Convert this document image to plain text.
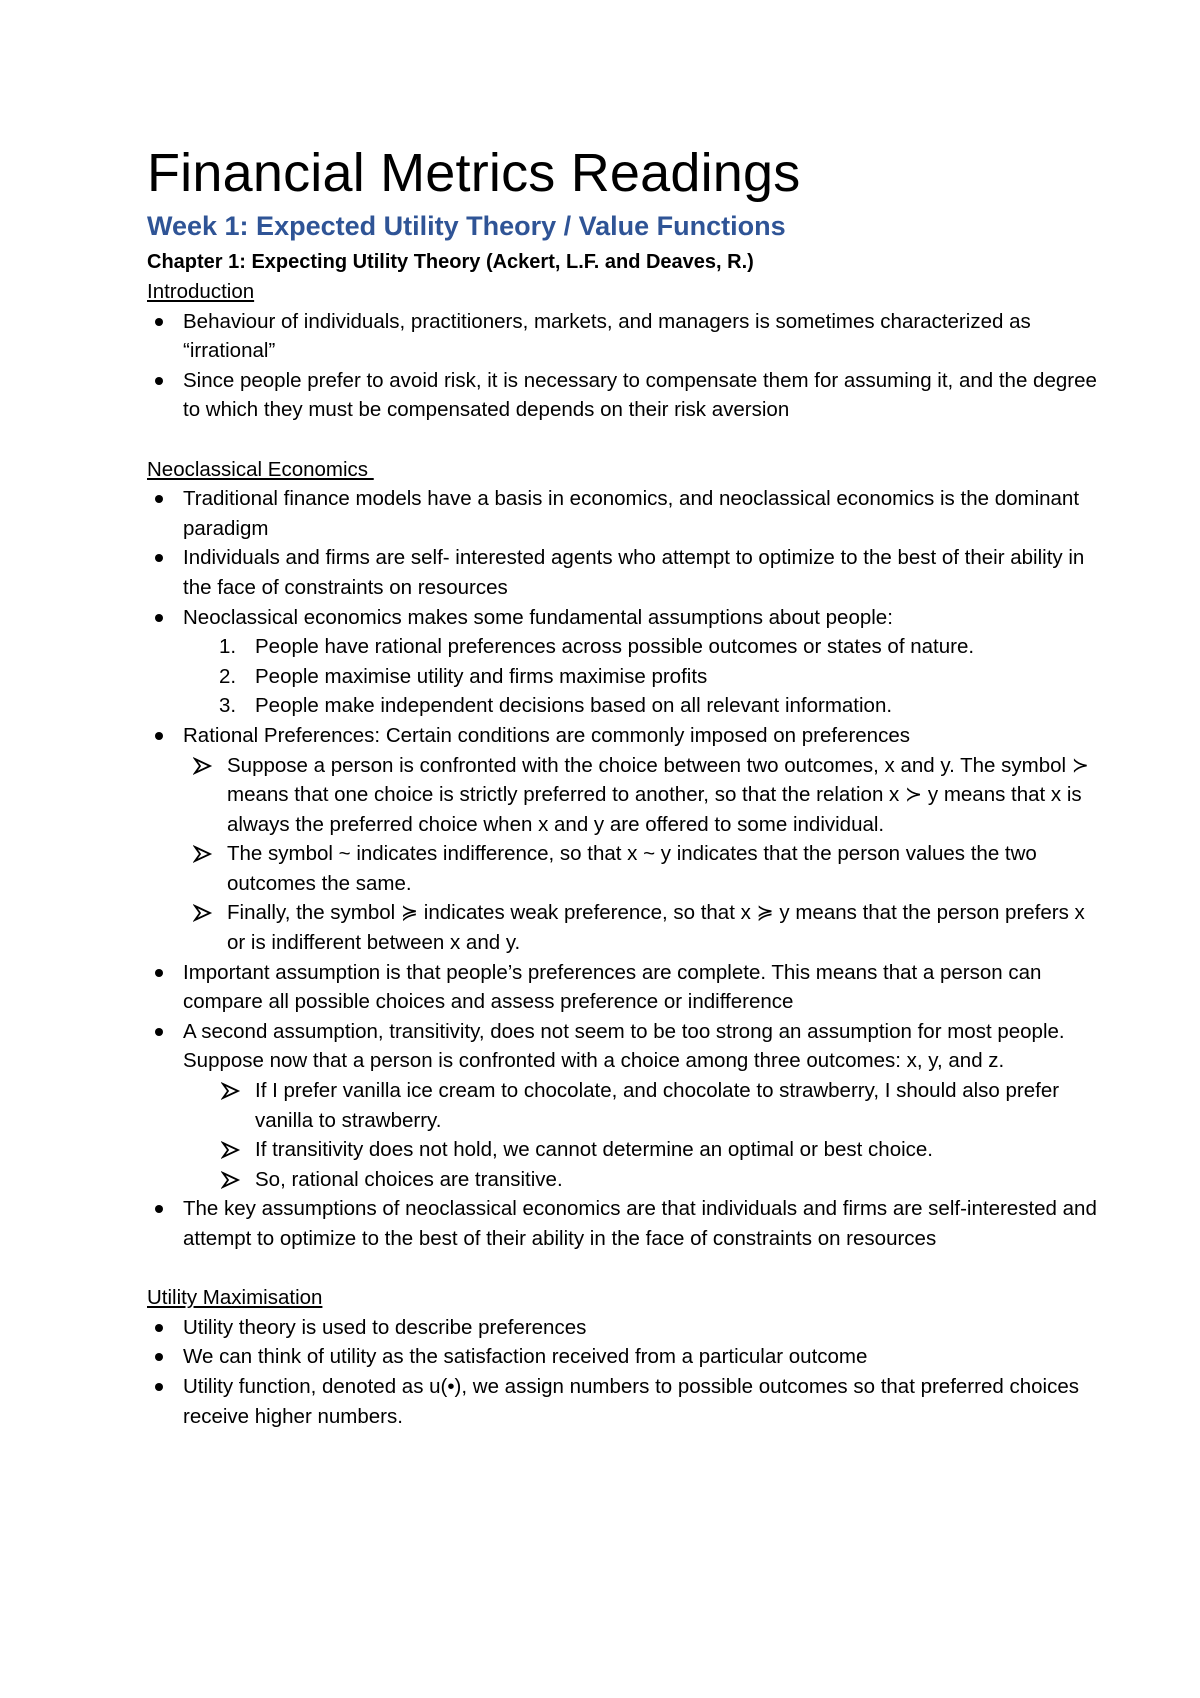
Financial Metrics Readings
Week 1: Expected Utility Theory / Value Functions
Chapter 1: Expecting Utility Theory (Ackert, L.F. and Deaves, R.)
Introduction
Behaviour of individuals, practitioners, markets, and managers is sometimes characterized as “irrational”
Since people prefer to avoid risk, it is necessary to compensate them for assuming it, and the degree to which they must be compensated depends on their risk aversion
Neoclassical Economics
Traditional finance models have a basis in economics, and neoclassical economics is the dominant paradigm
Individuals and firms are self- interested agents who attempt to optimize to the best of their ability in the face of constraints on resources
Neoclassical economics makes some fundamental assumptions about people:
1. People have rational preferences across possible outcomes or states of nature.
2. People maximise utility and firms maximise profits
3. People make independent decisions based on all relevant information.
Rational Preferences: Certain conditions are commonly imposed on preferences
Suppose a person is confronted with the choice between two outcomes, x and y. The symbol ≻ means that one choice is strictly preferred to another, so that the relation x ≻ y means that x is always the preferred choice when x and y are offered to some individual.
The symbol ~ indicates indifference, so that x ~ y indicates that the person values the two outcomes the same.
Finally, the symbol ≽ indicates weak preference, so that x ≽ y means that the person prefers x or is indifferent between x and y.
Important assumption is that people’s preferences are complete. This means that a person can compare all possible choices and assess preference or indifference
A second assumption, transitivity, does not seem to be too strong an assumption for most people. Suppose now that a person is confronted with a choice among three outcomes: x, y, and z.
If I prefer vanilla ice cream to chocolate, and chocolate to strawberry, I should also prefer vanilla to strawberry.
If transitivity does not hold, we cannot determine an optimal or best choice.
So, rational choices are transitive.
The key assumptions of neoclassical economics are that individuals and firms are self-interested and attempt to optimize to the best of their ability in the face of constraints on resources
Utility Maximisation
Utility theory is used to describe preferences
We can think of utility as the satisfaction received from a particular outcome
Utility function, denoted as u(•), we assign numbers to possible outcomes so that preferred choices receive higher numbers.
